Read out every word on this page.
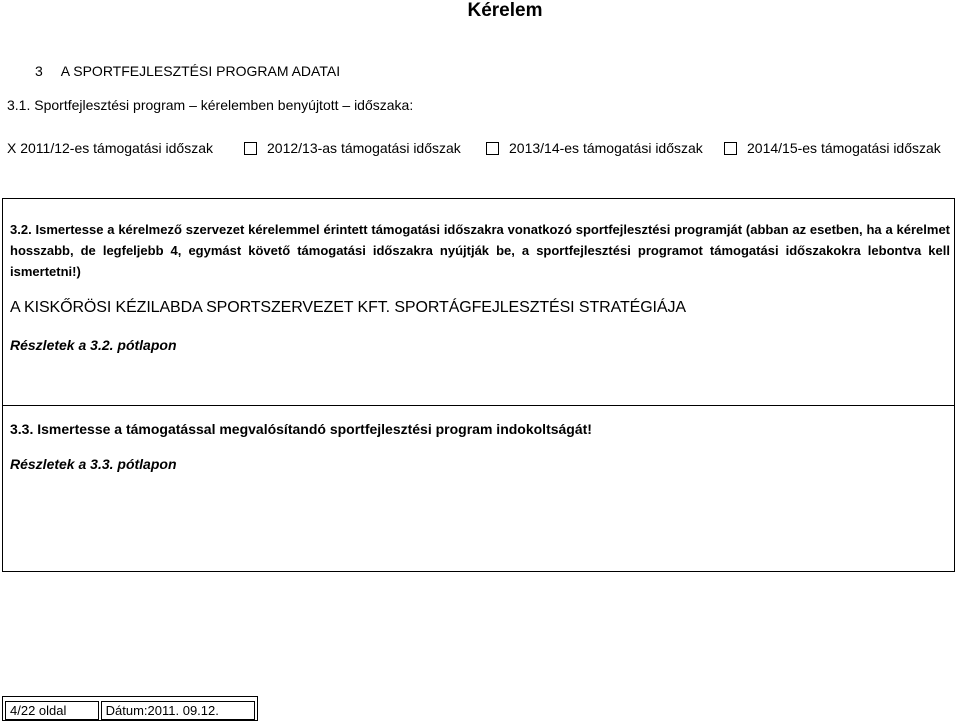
Kérelem
3 A SPORTFEJLESZTÉSI PROGRAM ADATAI
3.1. Sportfejlesztési program – kérelemben benyújtott – időszaka:
X
2011/12-es támogatási időszak	2012/13-as támogatási időszak	2013/14-es támogatási időszak	2014/15-es támogatási időszak
3.2. Ismertesse a kérelmező szervezet kérelemmel érintett támogatási időszakra vonatkozó sportfejlesztési programját (abban az esetben, ha a kérelmet hosszabb, de legfeljebb 4, egymást követő támogatási időszakra nyújtják be, a sportfejlesztési programot támogatási időszakokra lebontva kell ismertetni!)
A KISKŐRÖSI KÉZILABDA SPORTSZERVEZET KFT. SPORTÁGFEJLESZTÉSI STRATÉGIÁJA
Részletek a 3.2. pótlapon
3.3. Ismertesse a támogatással megvalósítandó sportfejlesztési program indokoltságát!
Részletek a 3.3. pótlapon
4/22 oldal	Dátum:2011. 09.12.
